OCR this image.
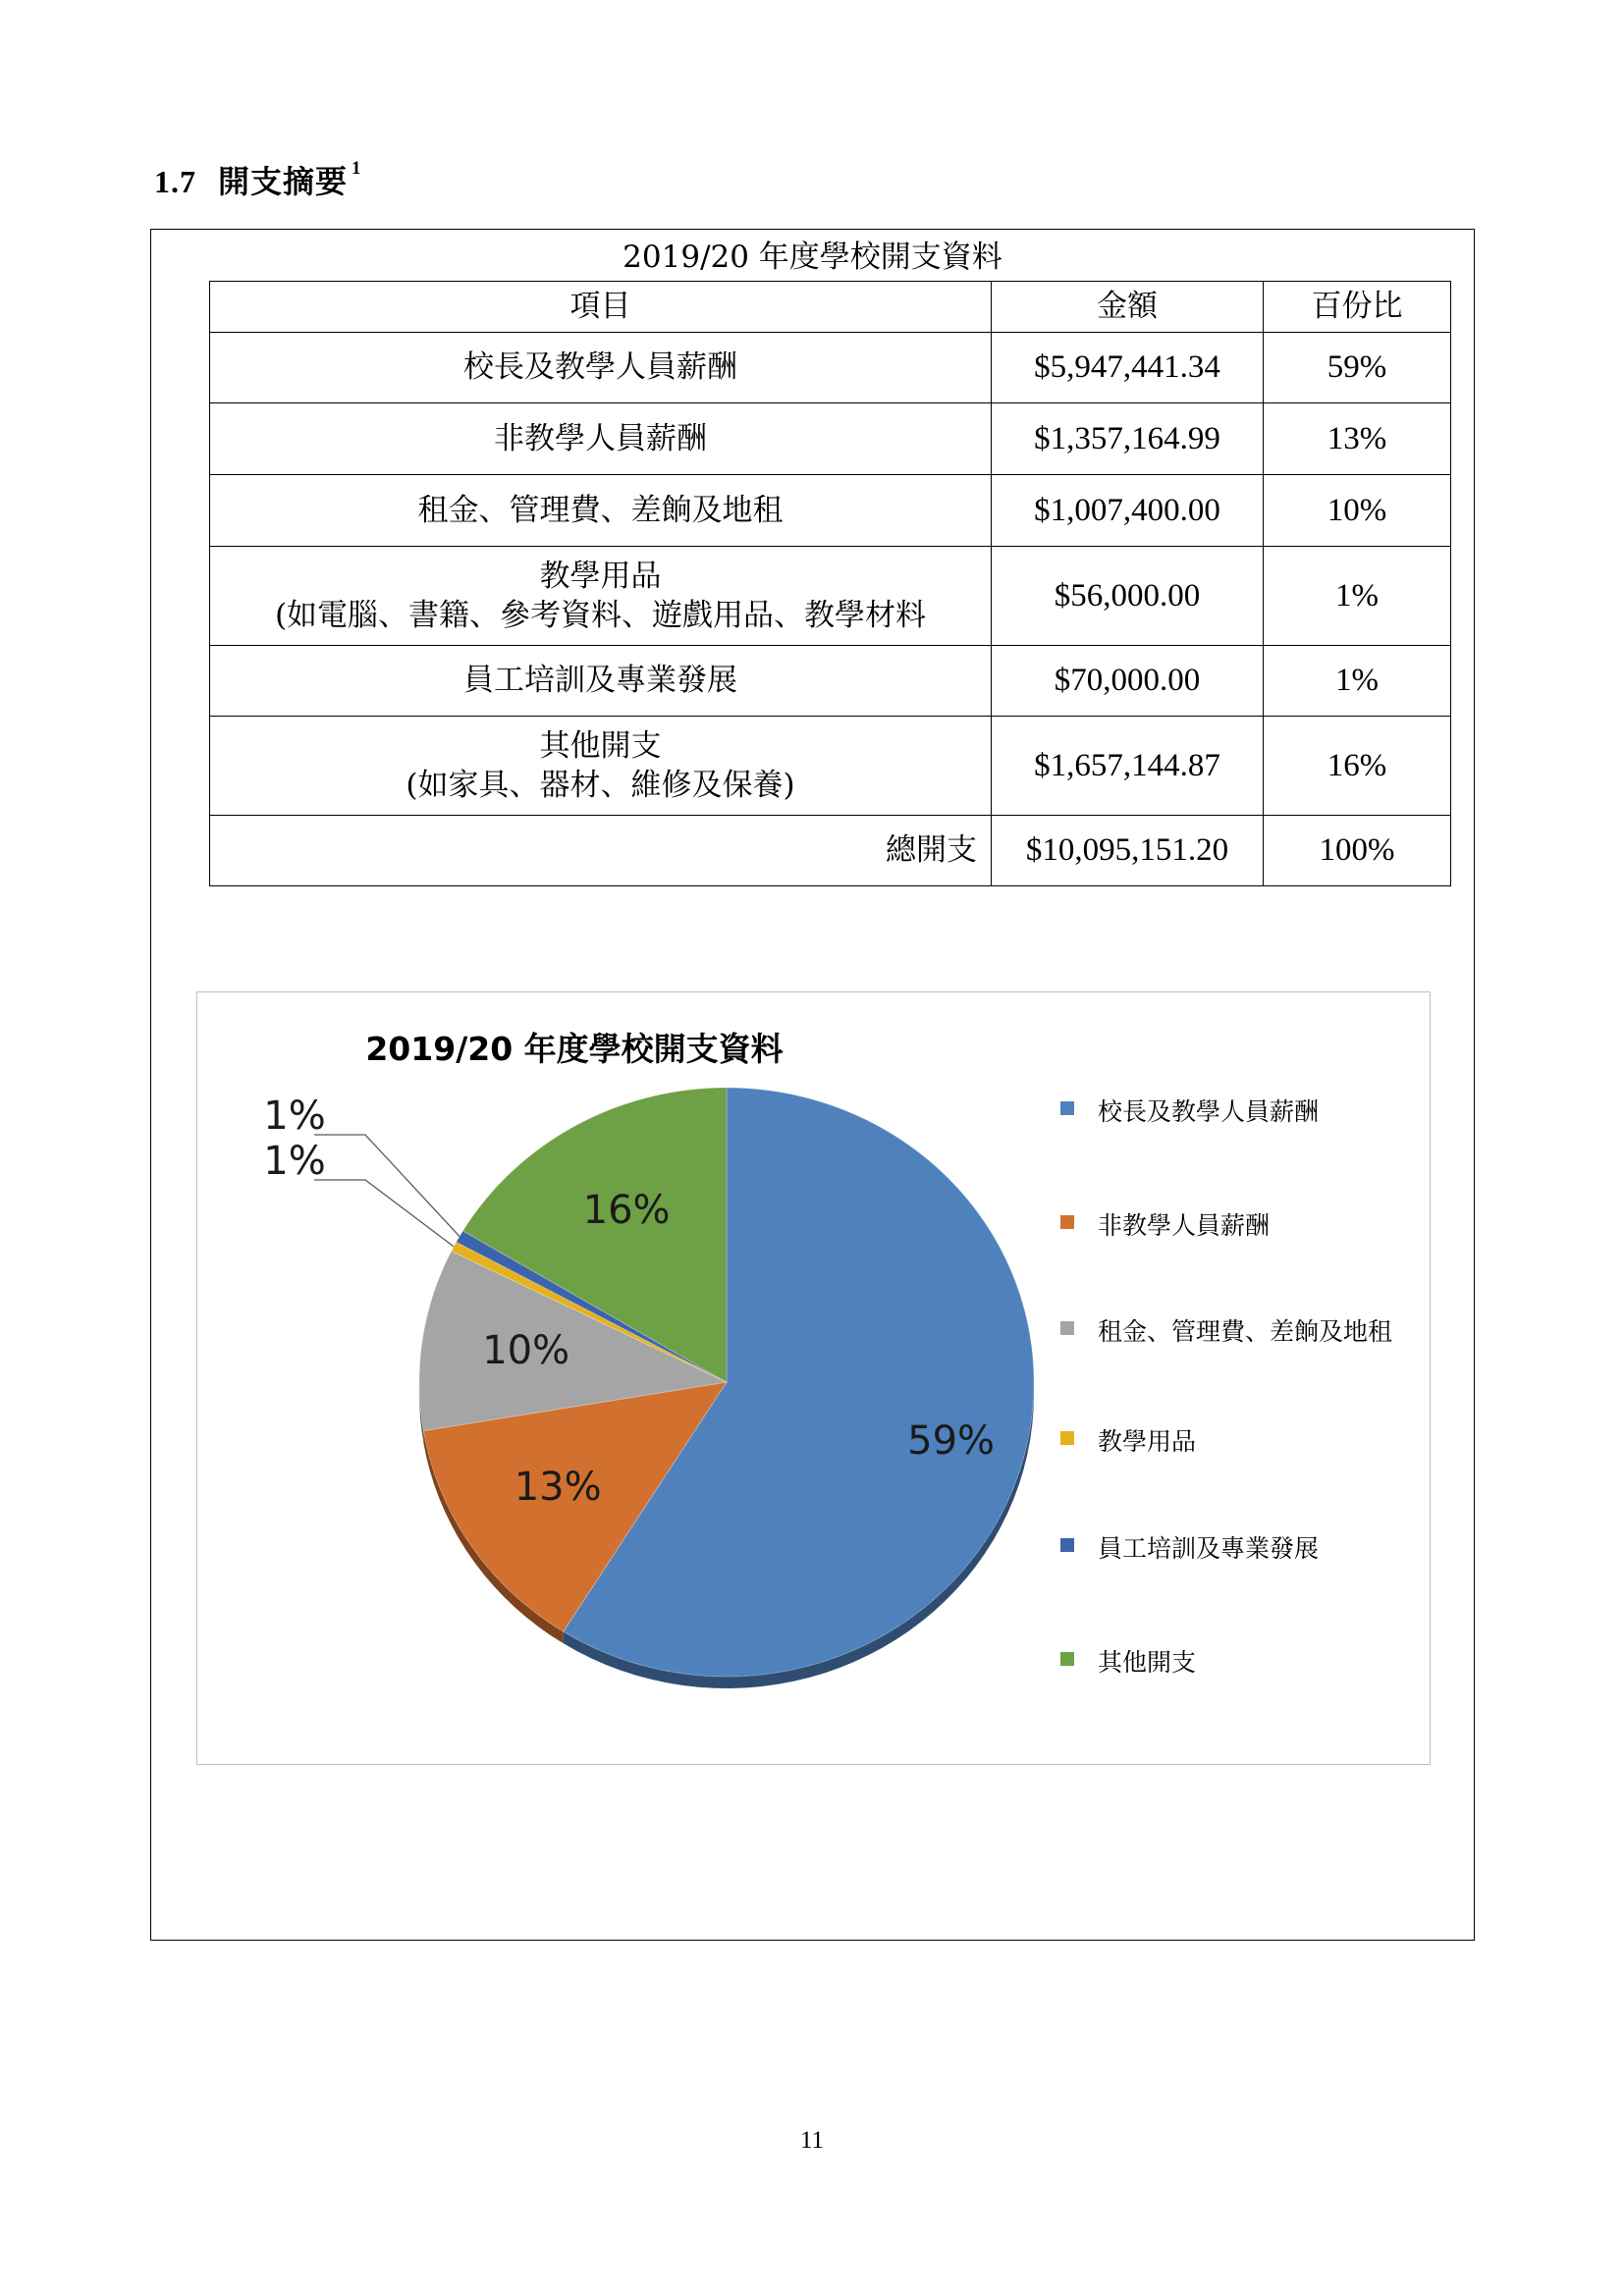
1.7 開支摘要 $^1$
2019/20 年度學校開支資料
項目	金額	百份比
校長及教學人員薪酬	$5,947,441.34	59%
非教學人員薪酬	$1,357,164.99	13%
租金、管理費、差餉及地租	$1,007,400.00	10%

教學用品
(如電腦、書籍、參考資料、遊戲用品、教學材料	$56,000.00	1%
員工培訓及專業發展	$70,000.00	1%

其他開支
(如家具、器材、維修及保養)	$1,657,144.87	16%
總開支	$10,095,151.20	100%
2019/20 年度學校開支資料
59%
13%
10%
1%
1%
16%
校長及教學人員薪酬
非教學人員薪酬
租金、管理費、差餉及地租
教學用品
員工培訓及專業發展
其他開支
11
